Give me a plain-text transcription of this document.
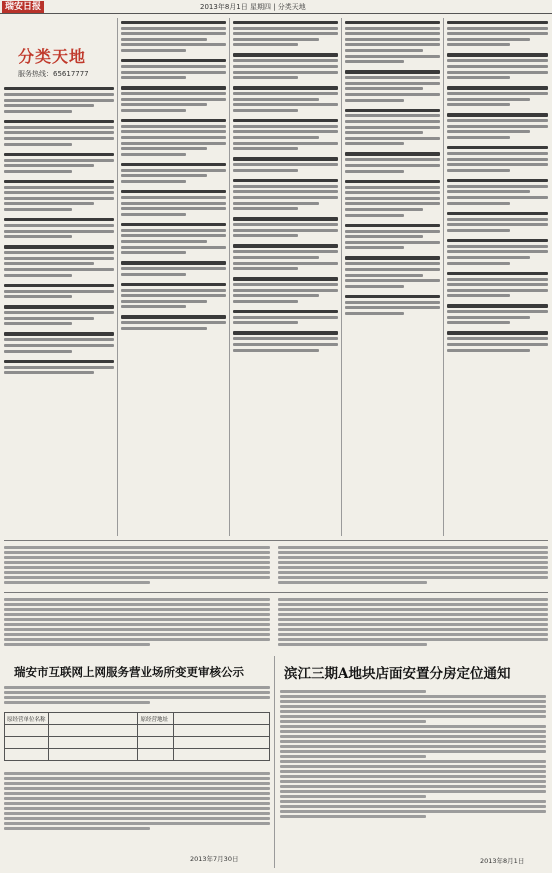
瑞安日报	2013年8月1日 星期四 | 分类天地
分类天地
服务热线：65617777
瑞安市互联网上网服务营业场所变更审核公示
原经营单位名称		原经营地址	

2013年7月30日
滨江三期A地块店面安置分房定位通知
2013年8月1日
